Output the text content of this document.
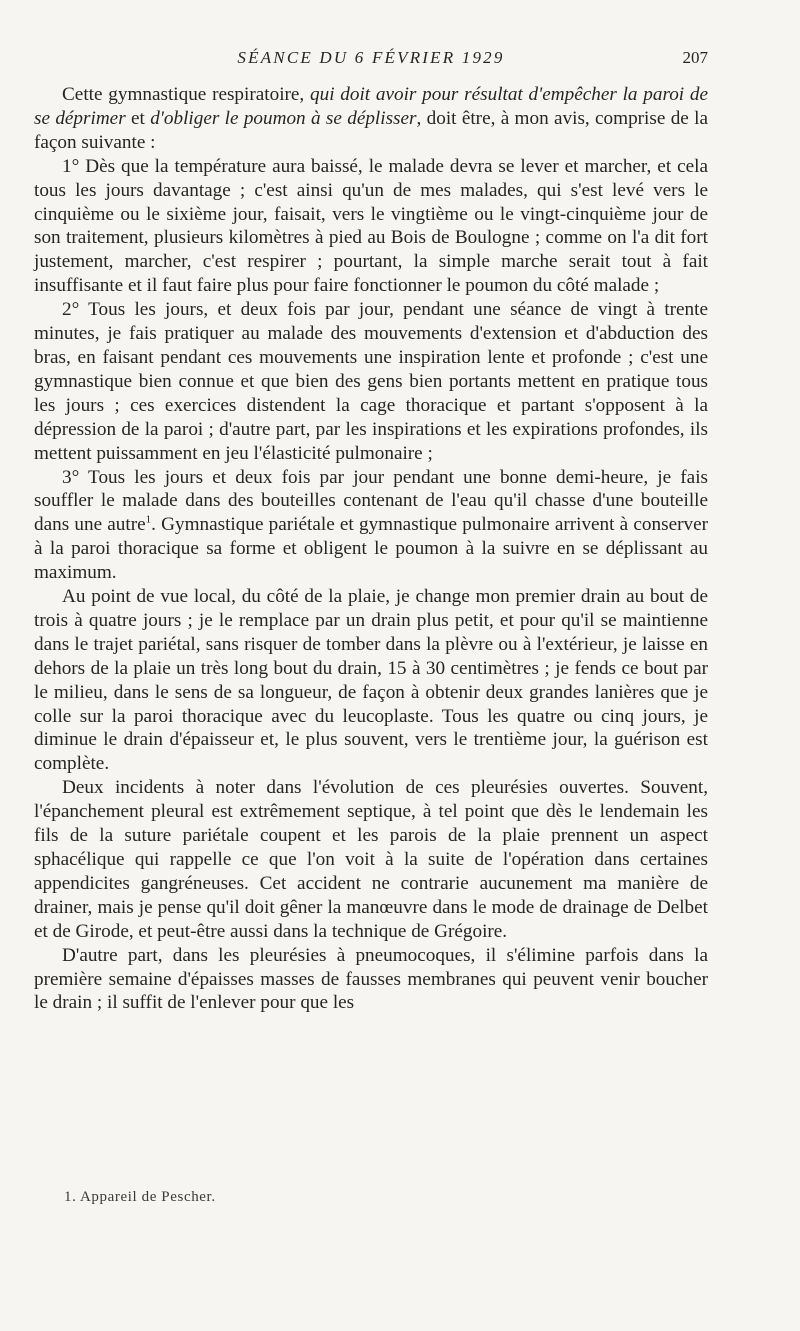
SÉANCE DU 6 FÉVRIER 1929	207

Cette gymnastique respiratoire, qui doit avoir pour résultat d'empêcher la paroi de se déprimer et d'obliger le poumon à se déplisser, doit être, à mon avis, comprise de la façon suivante :

1° Dès que la température aura baissé, le malade devra se lever et marcher, et cela tous les jours davantage ; c'est ainsi qu'un de mes malades, qui s'est levé vers le cinquième ou le sixième jour, faisait, vers le vingtième ou le vingt-cinquième jour de son traitement, plusieurs kilomètres à pied au Bois de Boulogne ; comme on l'a dit fort justement, marcher, c'est respirer ; pourtant, la simple marche serait tout à fait insuffisante et il faut faire plus pour faire fonctionner le poumon du côté malade ;

2° Tous les jours, et deux fois par jour, pendant une séance de vingt à trente minutes, je fais pratiquer au malade des mouvements d'extension et d'abduction des bras, en faisant pendant ces mouvements une inspiration lente et profonde ; c'est une gymnastique bien connue et que bien des gens bien portants mettent en pratique tous les jours ; ces exercices distendent la cage thoracique et partant s'opposent à la dépression de la paroi ; d'autre part, par les inspirations et les expirations profondes, ils mettent puissamment en jeu l'élasticité pulmonaire ;

3° Tous les jours et deux fois par jour pendant une bonne demi-heure, je fais souffler le malade dans des bouteilles contenant de l'eau qu'il chasse d'une bouteille dans une autre$^1$. Gymnastique pariétale et gymnastique pulmonaire arrivent à conserver à la paroi thoracique sa forme et obligent le poumon à la suivre en se déplissant au maximum.

Au point de vue local, du côté de la plaie, je change mon premier drain au bout de trois à quatre jours ; je le remplace par un drain plus petit, et pour qu'il se maintienne dans le trajet pariétal, sans risquer de tomber dans la plèvre ou à l'extérieur, je laisse en dehors de la plaie un très long bout du drain, 15 à 30 centimètres ; je fends ce bout par le milieu, dans le sens de sa longueur, de façon à obtenir deux grandes lanières que je colle sur la paroi thoracique avec du leucoplaste. Tous les quatre ou cinq jours, je diminue le drain d'épaisseur et, le plus souvent, vers le trentième jour, la guérison est complète.

Deux incidents à noter dans l'évolution de ces pleurésies ouvertes. Souvent, l'épanchement pleural est extrêmement septique, à tel point que dès le lendemain les fils de la suture pariétale coupent et les parois de la plaie prennent un aspect sphacélique qui rappelle ce que l'on voit à la suite de l'opération dans certaines appendicites gangréneuses. Cet accident ne contrarie aucunement ma manière de drainer, mais je pense qu'il doit gêner la manœuvre dans le mode de drainage de Delbet et de Girode, et peut-être aussi dans la technique de Grégoire.

D'autre part, dans les pleurésies à pneumocoques, il s'élimine parfois dans la première semaine d'épaisses masses de fausses membranes qui peuvent venir boucher le drain ; il suffit de l'enlever pour que les

1. Appareil de Pescher.
